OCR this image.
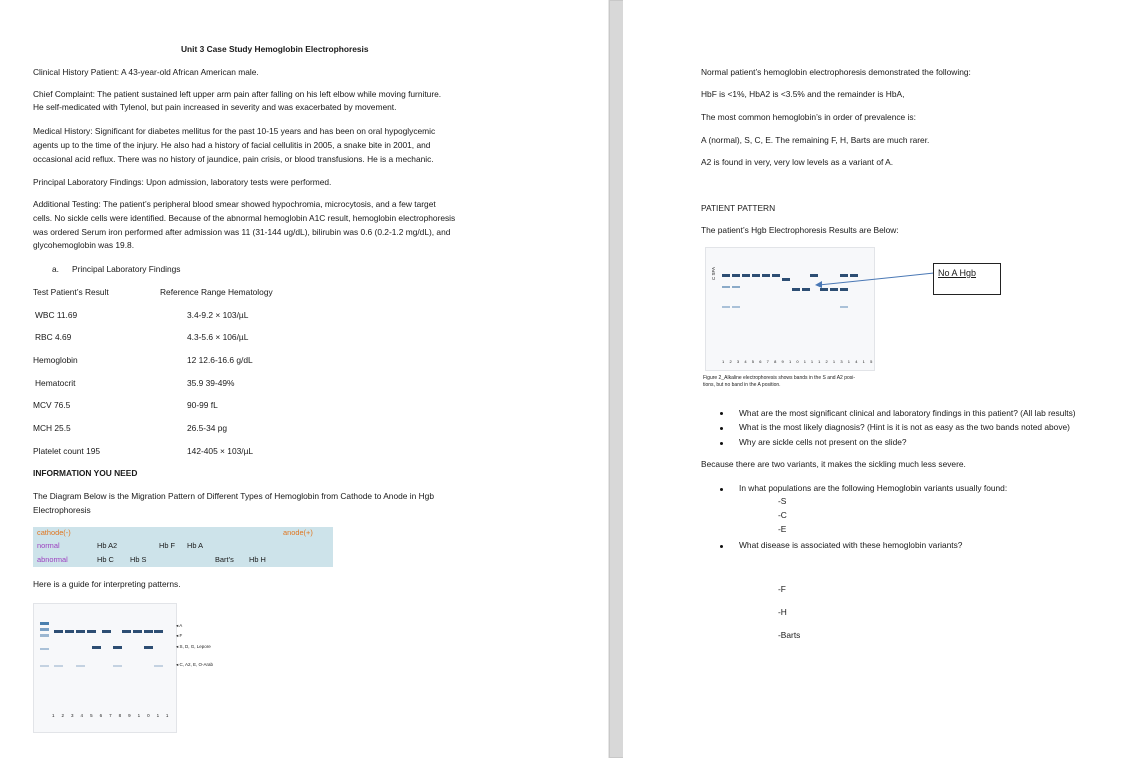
Unit 3 Case Study Hemoglobin Electrophoresis
Clinical History Patient: A 43-year-old African American male.
Chief Complaint: The patient sustained left upper arm pain after falling on his left elbow while moving furniture.
He self-medicated with Tylenol, but pain increased in severity and was exacerbated by movement.
Medical History: Significant for diabetes mellitus for the past 10-15 years and has been on oral hypoglycemic
agents up to the time of the injury. He also had a history of facial cellulitis in 2005, a snake bite in 2001, and
occasional acid reflux. There was no history of jaundice, pain crisis, or blood transfusions. He is a mechanic.
Principal Laboratory Findings: Upon admission, laboratory tests were performed.
Additional Testing: The patient’s peripheral blood smear showed hypochromia, microcytosis, and a few target
cells. No sickle cells were identified. Because of the abnormal hemoglobin A1C result, hemoglobin electrophoresis
was ordered Serum iron performed after admission was 11 (31-144 ug/dL), bilirubin was 0.6 (0.2-1.2 mg/dL), and
glycohemoglobin was 19.8.
a. Principal Laboratory Findings
Test Patient’s Result	Reference Range Hematology
WBC 11.69	3.4-9.2 × 103/µL
RBC 4.69	4.3-5.6 × 106/µL
Hemoglobin	12 12.6-16.6 g/dL
Hematocrit	35.9 39-49%
MCV 76.5	90-99 fL
MCH 25.5	26.5-34 pg
Platelet count 195	142-405 × 103/µL
INFORMATION YOU NEED
The Diagram Below is the Migration Pattern of Different Types of Hemoglobin from Cathode to Anode in Hgb
Electrophoresis
cathode(-)	anode(+)
normal	Hb A2	Hb F Hb A
abnormal	Hb C Hb S	Bart’s Hb H
Here is a guide for interpreting patterns.
1234567891011
◂ A
◂ F
◂ S, D, G, Lepore
◂ C, A2, E, O-Arab
Normal patient’s hemoglobin electrophoresis demonstrated the following:
HbF is <1%, HbA2 is <3.5% and the remainder is HbA,
The most common hemoglobin’s in order of prevalence is:
A (normal), S, C, E. The remaining F, H, Barts are much rarer.
A2 is found in very, very low levels as a variant of A.
PATIENT PATTERN
The patient’s Hgb Electrophoresis Results are Below:
C SFA
123456789101112131415
Figure 2_Alkaline electrophoresis shows bands in the S and A2 posi-
tions, but no band in the A position.
What are the most significant clinical and laboratory findings in this patient? (All lab results)
What is the most likely diagnosis? (Hint is it is not as easy as the two bands noted above)
Why are sickle cells not present on the slide?
Because there are two variants, it makes the sickling much less severe.
In what populations are the following Hemoglobin variants usually found:
-S
-C
-E
What disease is associated with these hemoglobin variants?
-F
-H
-Barts
No A Hgb
